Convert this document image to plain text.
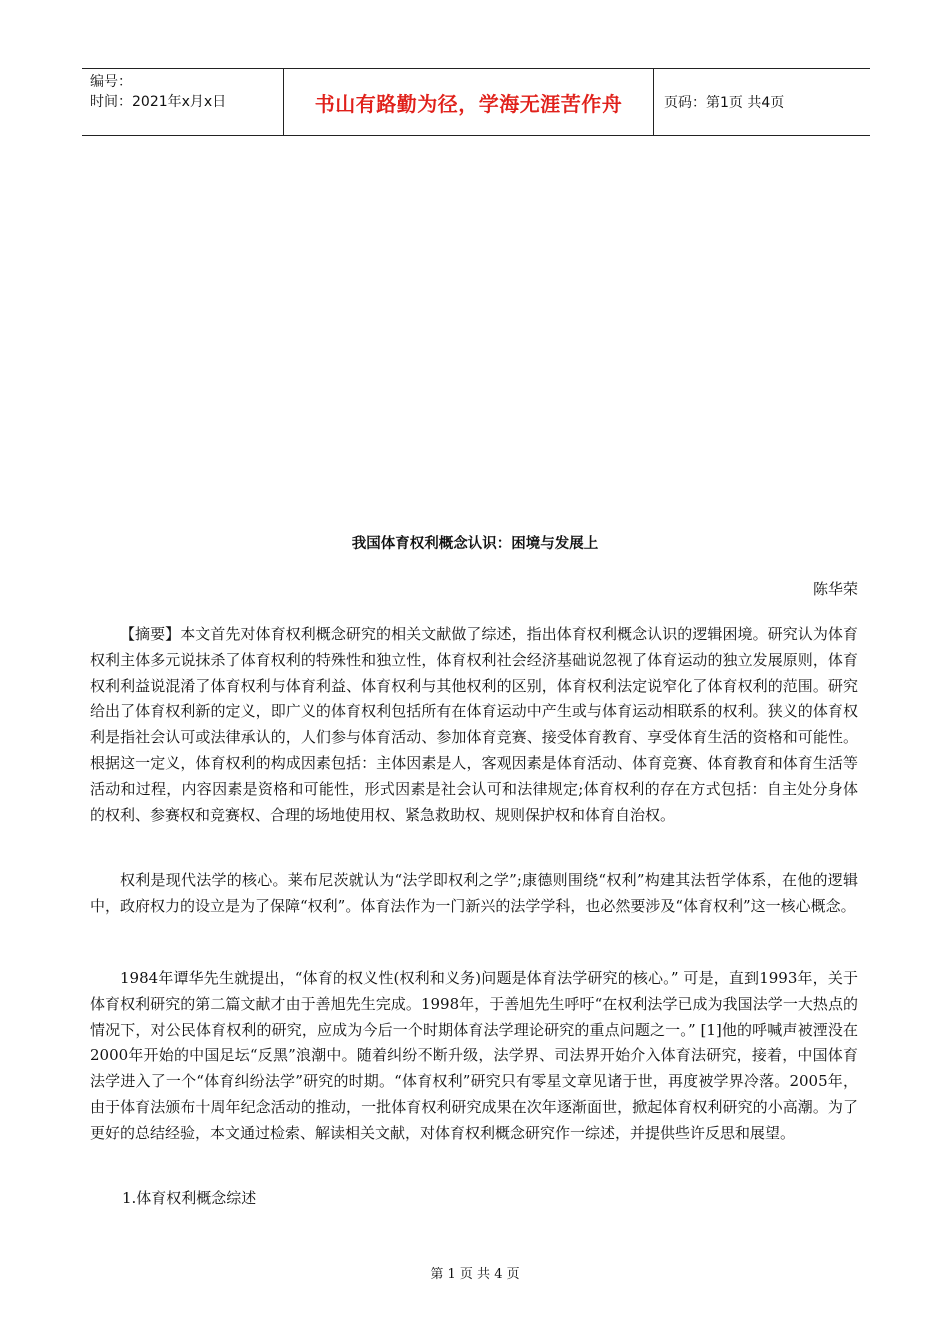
编号：
时间：2021年x月x日	书山有路勤为径，学海无涯苦作舟	页码：第1页 共4页
我国体育权利概念认识：困境与发展上
陈华荣

【摘要】本文首先对体育权利概念研究的相关文献做了综述，指出体育权利概念认识的逻辑困境。研究认为体育权利主体多元说抹杀了体育权利的特殊性和独立性，体育权利社会经济基础说忽视了体育运动的独立发展原则，体育权利利益说混淆了体育权利与体育利益、体育权利与其他权利的区别，体育权利法定说窄化了体育权利的范围。研究给出了体育权利新的定义，即广义的体育权利包括所有在体育运动中产生或与体育运动相联系的权利。狭义的体育权利是指社会认可或法律承认的，人们参与体育活动、参加体育竞赛、接受体育教育、享受体育生活的资格和可能性。根据这一定义，体育权利的构成因素包括：主体因素是人，客观因素是体育活动、体育竞赛、体育教育和体育生活等活动和过程，内容因素是资格和可能性，形式因素是社会认可和法律规定;体育权利的存在方式包括：自主处分身体的权利、参赛权和竞赛权、合理的场地使用权、紧急救助权、规则保护权和体育自治权。

权利是现代法学的核心。莱布尼茨就认为“法学即权利之学”;康德则围绕“权利”构建其法哲学体系，在他的逻辑中，政府权力的设立是为了保障“权利”。体育法作为一门新兴的法学学科，也必然要涉及“体育权利”这一核心概念。

1984年谭华先生就提出，“体育的权义性(权利和义务)问题是体育法学研究的核心。” 可是，直到1993年，关于体育权利研究的第二篇文献才由于善旭先生完成。1998年，于善旭先生呼吁“在权利法学已成为我国法学一大热点的情况下，对公民体育权利的研究，应成为今后一个时期体育法学理论研究的重点问题之一。” [1]他的呼喊声被湮没在2000年开始的中国足坛“反黑”浪潮中。随着纠纷不断升级，法学界、司法界开始介入体育法研究，接着，中国体育法学进入了一个“体育纠纷法学”研究的时期。“体育权利”研究只有零星文章见诸于世，再度被学界冷落。2005年，由于体育法颁布十周年纪念活动的推动，一批体育权利研究成果在次年逐渐面世，掀起体育权利研究的小高潮。为了更好的总结经验，本文通过检索、解读相关文献，对体育权利概念研究作一综述，并提供些许反思和展望。

1.体育权利概念综述
第 1 页 共 4 页
